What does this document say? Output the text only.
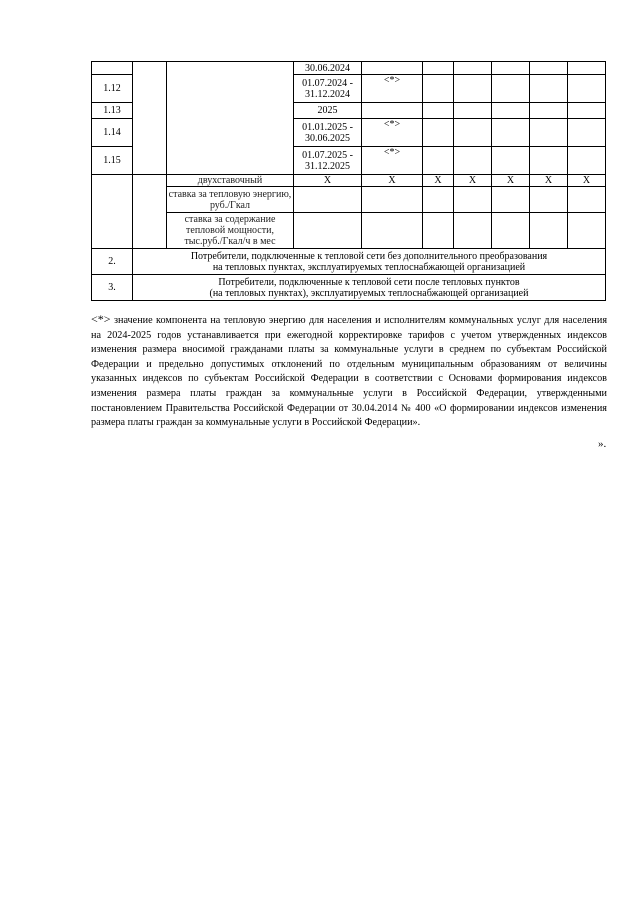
			30.06.2024						
1.12			01.07.2024 - 31.12.2024	<*>					
1.13			2025						
1.14			01.01.2025 - 30.06.2025	<*>					
1.15			01.07.2025 - 31.12.2025	<*>					
		двухставочный	X	X	X	X	X	X	X
		ставка за тепловую энергию, руб./Гкал							
		ставка за содержание тепловой мощности, тыс.руб./Гкал/ч в мес							
2.	Потребители, подключенные к тепловой сети без дополнительного преобразования
на тепловых пунктах, эксплуатируемых теплоснабжающей организацией								

3.	Потребители, подключенные к тепловой сети после тепловых пунктов
(на тепловых пунктах), эксплуатируемых теплоснабжающей организацией								
<*> значение компонента на тепловую энергию для населения и исполнителям коммунальных услуг для населения на 2024-2025 годов устанавливается при ежегодной корректировке тарифов с учетом утвержденных индексов изменения размера вносимой гражданами платы за коммунальные услуги в среднем по субъектам Российской Федерации и предельно допустимых отклонений по отдельным муниципальным образованиям от величины указанных индексов по субъектам Российской Федерации в соответствии с Основами формирования индексов изменения размера платы граждан за коммунальные услуги в Российской Федерации, утвержденными постановлением Правительства Российской Федерации от 30.04.2014 № 400 «О формировании индексов изменения размера платы граждан за коммунальные услуги в Российской Федерации».
».
